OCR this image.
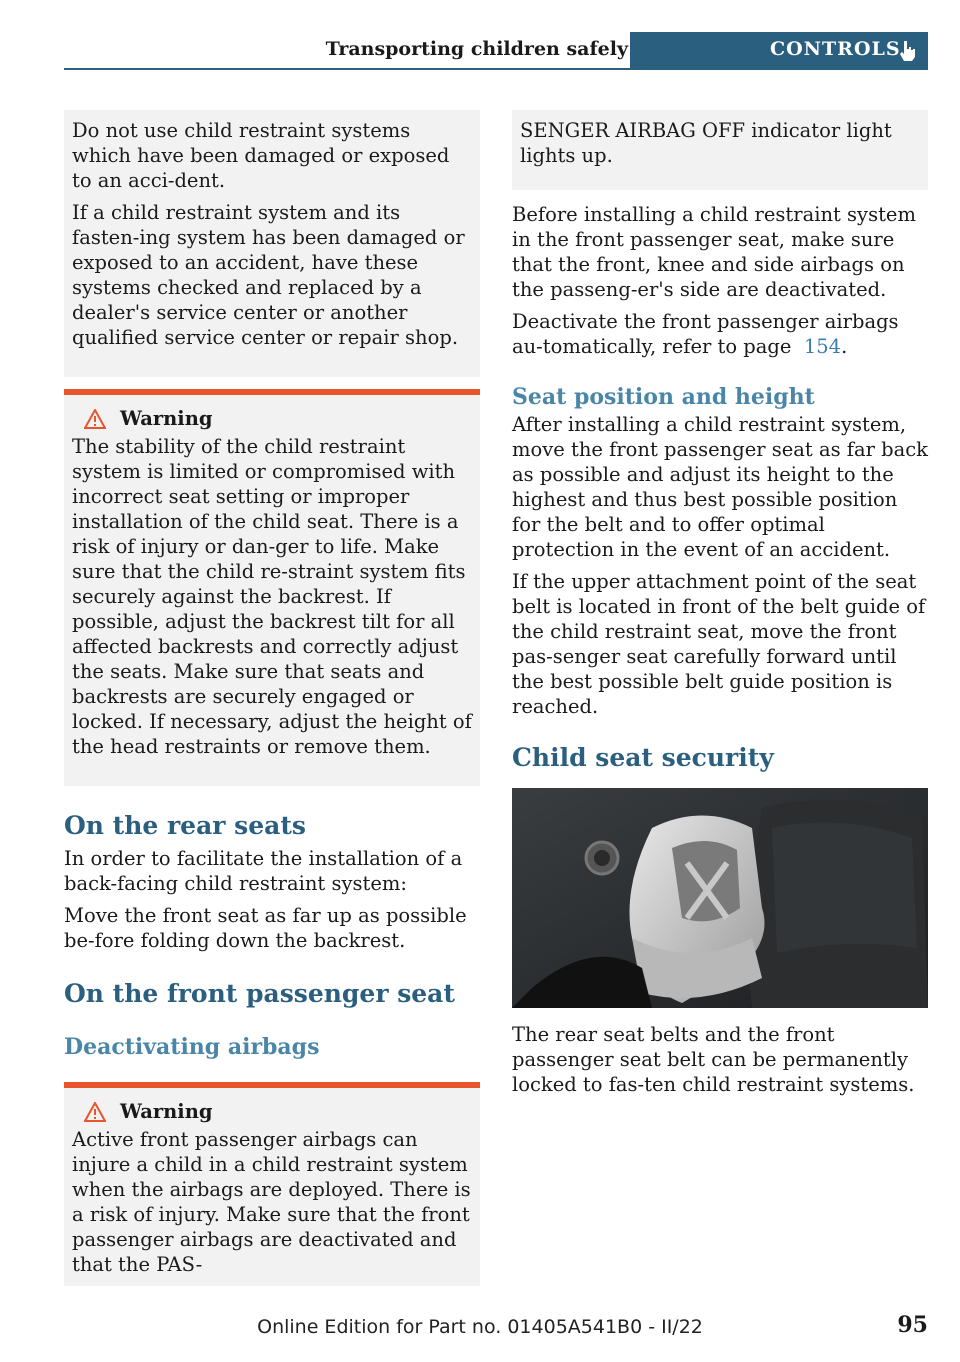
Transporting children safely	CONTROLS

Do not use child restraint systems which have been damaged or exposed to an acci-dent.

If a child restraint system and its fasten-ing system has been damaged or exposed to an accident, have these systems checked and replaced by a dealer's service center or another qualified service center or repair shop.

Warning

The stability of the child restraint system is limited or compromised with incorrect seat setting or improper installation of the child seat. There is a risk of injury or dan-ger to life. Make sure that the child re-straint system fits securely against the backrest. If possible, adjust the backrest tilt for all affected backrests and correctly adjust the seats. Make sure that seats and backrests are securely engaged or locked. If necessary, adjust the height of the head restraints or remove them.

On the rear seats

In order to facilitate the installation of a back-facing child restraint system:

Move the front seat as far up as possible be-fore folding down the backrest.

On the front passenger seat
Deactivating airbags
Warning

Active front passenger airbags can injure a child in a child restraint system when the airbags are deployed. There is a risk of injury. Make sure that the front passenger airbags are deactivated and that the PAS-

SENGER AIRBAG OFF indicator light lights up.

Before installing a child restraint system in the front passenger seat, make sure that the front, knee and side airbags on the passeng-er's side are deactivated.

Deactivate the front passenger airbags au-tomatically, refer to page 154.

Seat position and height

After installing a child restraint system, move the front passenger seat as far back as possible and adjust its height to the highest and thus best possible position for the belt and to offer optimal protection in the event of an accident.

If the upper attachment point of the seat belt is located in front of the belt guide of the child restraint seat, move the front pas-senger seat carefully forward until the best possible belt guide position is reached.

Child seat security

The rear seat belts and the front passenger seat belt can be permanently locked to fas-ten child restraint systems.

Online Edition for Part no. 01405A541B0 - II/22	95
